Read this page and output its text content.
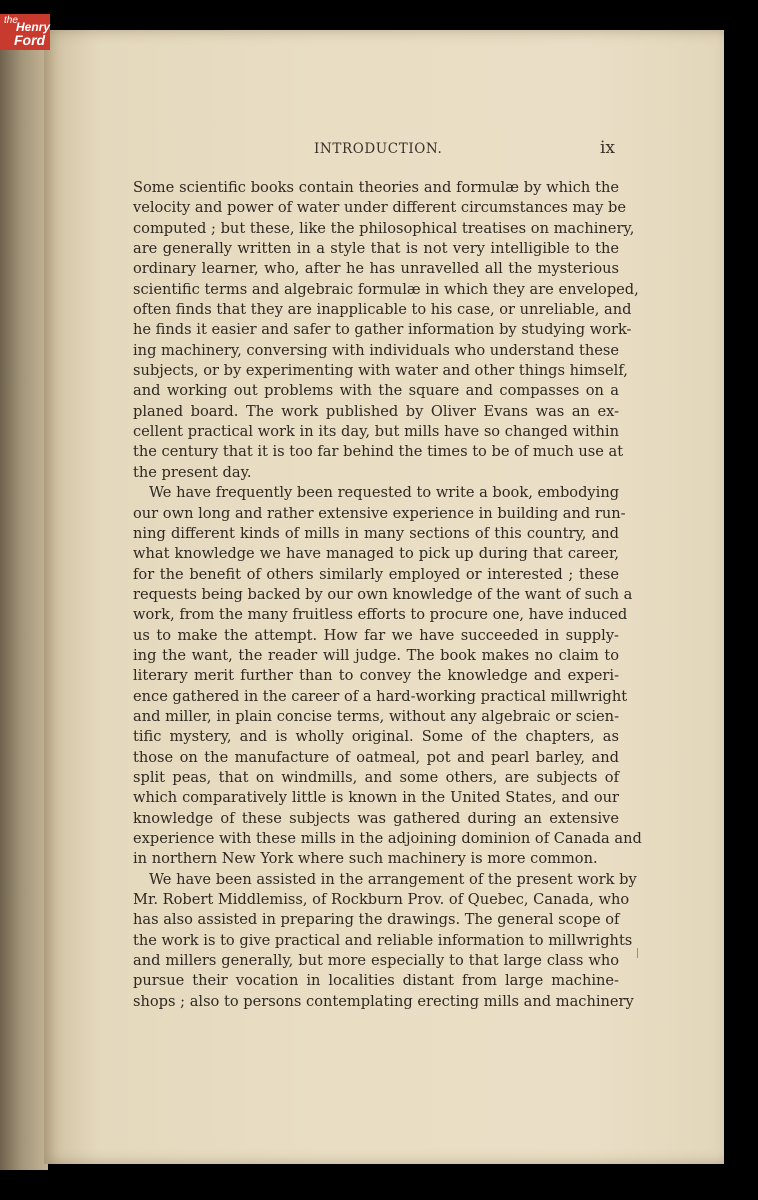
the
Henry
Ford
INTRODUCTION.	ix
Some scientific books contain theories and formulæ by which the
velocity and power of water under different circumstances may be
computed ; but these, like the philosophical treatises on machinery,
are generally written in a style that is not very intelligible to the
ordinary learner, who, after he has unravelled all the mysterious
scientific terms and algebraic formulæ in which they are enveloped,
often finds that they are inapplicable to his case, or unreliable, and
he finds it easier and safer to gather information by studying work-
ing machinery, conversing with individuals who understand these
subjects, or by experimenting with water and other things himself,
and working out problems with the square and compasses on a
planed board. The work published by Oliver Evans was an ex-
cellent practical work in its day, but mills have so changed within
the century that it is too far behind the times to be of much use at
the present day.
We have frequently been requested to write a book, embodying
our own long and rather extensive experience in building and run-
ning different kinds of mills in many sections of this country, and
what knowledge we have managed to pick up during that career,
for the benefit of others similarly employed or interested ; these
requests being backed by our own knowledge of the want of such a
work, from the many fruitless efforts to procure one, have induced
us to make the attempt. How far we have succeeded in supply-
ing the want, the reader will judge. The book makes no claim to
literary merit further than to convey the knowledge and experi-
ence gathered in the career of a hard-working practical millwright
and miller, in plain concise terms, without any algebraic or scien-
tific mystery, and is wholly original. Some of the chapters, as
those on the manufacture of oatmeal, pot and pearl barley, and
split peas, that on windmills, and some others, are subjects of
which comparatively little is known in the United States, and our
knowledge of these subjects was gathered during an extensive
experience with these mills in the adjoining dominion of Canada and
in northern New York where such machinery is more common.
We have been assisted in the arrangement of the present work by
Mr. Robert Middlemiss, of Rockburn Prov. of Quebec, Canada, who
has also assisted in preparing the drawings. The general scope of
the work is to give practical and reliable information to millwrights
and millers generally, but more especially to that large class who
pursue their vocation in localities distant from large machine-
shops ; also to persons contemplating erecting mills and machinery
